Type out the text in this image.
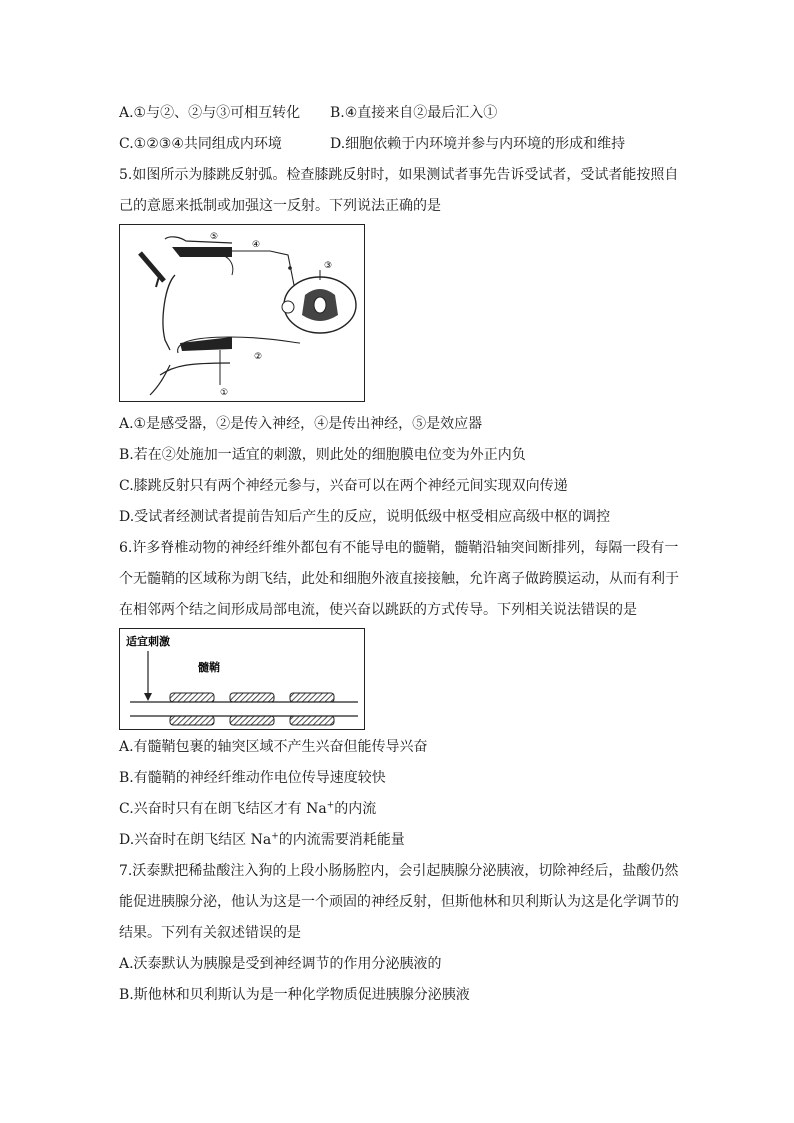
A.①与②、②与③可相互转化 B.④直接来自②最后汇入①
C.①②③④共同组成内环境	D.细胞依赖于内环境并参与内环境的形成和维持
5.如图所示为膝跳反射弧。检查膝跳反射时，如果测试者事先告诉受试者，受试者能按照自
己的意愿来抵制或加强这一反射。下列说法正确的是
⑤
④
③
②
①
A.①是感受器，②是传入神经，④是传出神经，⑤是效应器
B.若在②处施加一适宜的刺激，则此处的细胞膜电位变为外正内负
C.膝跳反射只有两个神经元参与，兴奋可以在两个神经元间实现双向传递
D.受试者经测试者提前告知后产生的反应，说明低级中枢受相应高级中枢的调控
6.许多脊椎动物的神经纤维外都包有不能导电的髓鞘，髓鞘沿轴突间断排列，每隔一段有一
个无髓鞘的区域称为朗飞结，此处和细胞外液直接接触，允许离子做跨膜运动，从而有利于
在相邻两个结之间形成局部电流，使兴奋以跳跃的方式传导。下列相关说法错误的是
适宜刺激
髓鞘
A.有髓鞘包裹的轴突区域不产生兴奋但能传导兴奋
B.有髓鞘的神经纤维动作电位传导速度较快
C.兴奋时只有在朗飞结区才有 Na+的内流
D.兴奋时在朗飞结区 Na+的内流需要消耗能量
7.沃泰默把稀盐酸注入狗的上段小肠肠腔内，会引起胰腺分泌胰液，切除神经后，盐酸仍然
能促进胰腺分泌，他认为这是一个顽固的神经反射，但斯他林和贝利斯认为这是化学调节的
结果。下列有关叙述错误的是
A.沃泰默认为胰腺是受到神经调节的作用分泌胰液的
B.斯他林和贝利斯认为是一种化学物质促进胰腺分泌胰液
